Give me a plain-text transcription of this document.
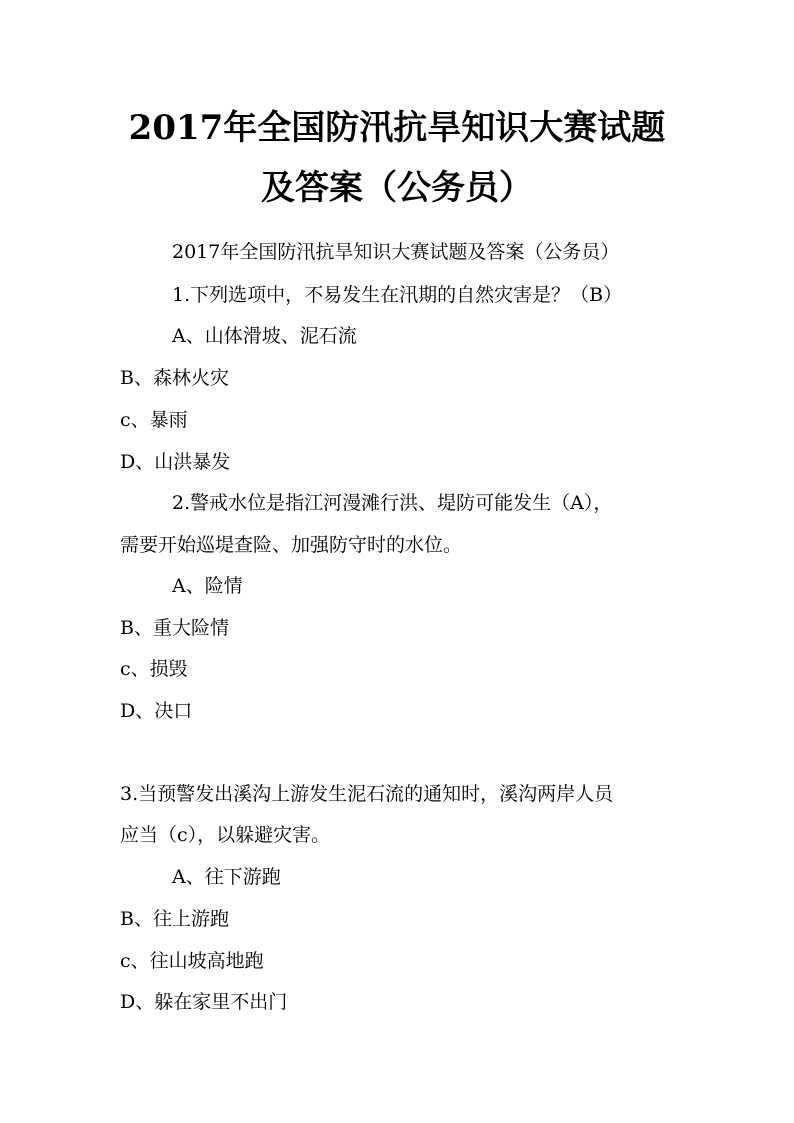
2017年全国防汛抗旱知识大赛试题
及答案（公务员）
2017年全国防汛抗旱知识大赛试题及答案（公务员）
1.下列选项中，不易发生在汛期的自然灾害是？（B）
A、山体滑坡、泥石流
B、森林火灾
c、暴雨
D、山洪暴发
2.警戒水位是指江河漫滩行洪、堤防可能发生（A），
需要开始巡堤查险、加强防守时的水位。
A、险情
B、重大险情
c、损毁
D、决口
3.当预警发出溪沟上游发生泥石流的通知时，溪沟两岸人员
应当（c），以躲避灾害。
A、往下游跑
B、往上游跑
c、往山坡高地跑
D、躲在家里不出门
